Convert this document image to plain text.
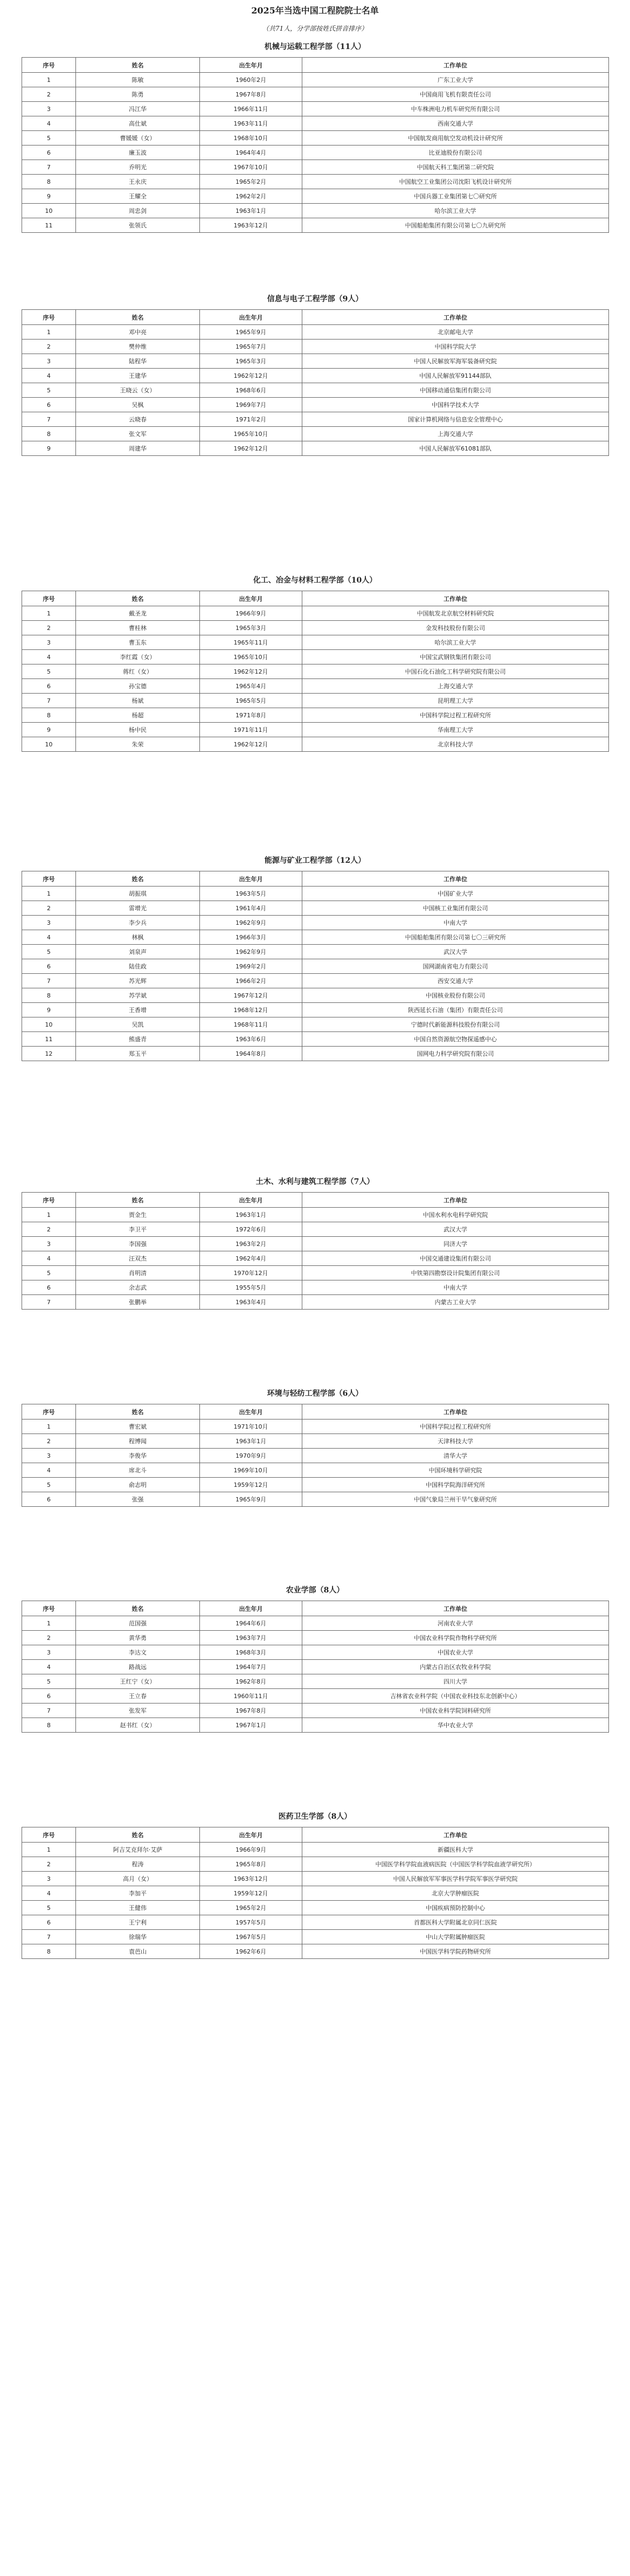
2025年当选中国工程院院士名单
（共71人，分学部按姓氏拼音排序）
机械与运载工程学部（11人）
序号	姓名	出生年月	工作单位
1	陈敏	1960年2月	广东工业大学
2	陈勇	1967年8月	中国商用飞机有限责任公司
3	冯江华	1966年11月	中车株洲电力机车研究所有限公司
4	高仕斌	1963年11月	西南交通大学
5	曹媛媛（女）	1968年10月	中国航发商用航空发动机设计研究所
6	廉玉波	1964年4月	比亚迪股份有限公司
7	乔明光	1967年10月	中国航天科工集团第二研究院
8	王永庆	1965年2月	中国航空工业集团公司沈阳飞机设计研究所
9	王耀全	1962年2月	中国兵器工业集团第七〇研究所
10	周忠剑	1963年1月	哈尔滨工业大学
11	张领氏	1963年12月	中国船舶集团有限公司第七〇九研究所
信息与电子工程学部（9人）
序号	姓名	出生年月	工作单位
1	邓中亮	1965年9月	北京邮电大学
2	樊仲维	1965年7月	中国科学院大学
3	陆程华	1965年3月	中国人民解放军海军装备研究院
4	王建华	1962年12月	中国人民解放军91144部队
5	王晓云（女）	1968年6月	中国移动通信集团有限公司
6	吴枫	1969年7月	中国科学技术大学
7	云晓春	1971年2月	国家计算机网络与信息安全管理中心
8	张文军	1965年10月	上海交通大学
9	周建华	1962年12月	中国人民解放军61081部队
化工、冶金与材料工程学部（10人）
序号	姓名	出生年月	工作单位
1	戴圣龙	1966年9月	中国航发北京航空材料研究院
2	曹桂林	1965年3月	金发科技股份有限公司
3	曹玉东	1965年11月	哈尔滨工业大学
4	李红霞（女）	1965年10月	中国宝武钢铁集团有限公司
5	蒋红（女）	1962年12月	中国石化石油化工科学研究院有限公司
6	孙宝德	1965年4月	上海交通大学
7	杨斌	1965年5月	昆明理工大学
8	杨超	1971年8月	中国科学院过程工程研究所
9	杨中民	1971年11月	华南理工大学
10	朱荣	1962年12月	北京科技大学
能源与矿业工程学部（12人）
序号	姓名	出生年月	工作单位
1	胡振琪	1963年5月	中国矿业大学
2	雷增光	1961年4月	中国核工业集团有限公司
3	李少兵	1962年9月	中南大学
4	林枫	1966年3月	中国船舶集团有限公司第七〇三研究所
5	刘泉声	1962年9月	武汉大学
6	陆佳政	1969年2月	国网湖南省电力有限公司
7	苏光辉	1966年2月	西安交通大学
8	苏学斌	1967年12月	中国核业股份有限公司
9	王香增	1968年12月	陕西延长石油（集团）有限责任公司
10	吴凯	1968年11月	宁德时代新能源科技股份有限公司
11	熊盛青	1963年6月	中国自然资源航空物探遥感中心
12	郑玉平	1964年8月	国网电力科学研究院有限公司
土木、水利与建筑工程学部（7人）
序号	姓名	出生年月	工作单位
1	贾金生	1963年1月	中国水利水电科学研究院
2	李卫平	1972年6月	武汉大学
3	李国强	1963年2月	同济大学
4	汪双杰	1962年4月	中国交通建设集团有限公司
5	肖明清	1970年12月	中铁第四勘察设计院集团有限公司
6	余志武	1955年5月	中南大学
7	张鹏举	1963年4月	内蒙古工业大学
环境与轻纺工程学部（6人）
序号	姓名	出生年月	工作单位
1	曹宏斌	1971年10月	中国科学院过程工程研究所
2	程博闻	1963年1月	天津科技大学
3	李俊华	1970年9月	清华大学
4	席北斗	1969年10月	中国环境科学研究院
5	俞志明	1959年12月	中国科学院海洋研究所
6	张强	1965年9月	中国气象局兰州干旱气象研究所
农业学部（8人）
序号	姓名	出生年月	工作单位
1	范国强	1964年6月	河南农业大学
2	黄华勇	1963年7月	中国农业科学院作物科学研究所
3	李达文	1968年3月	中国农业大学
4	路战远	1964年7月	内蒙古自治区农牧业科学院
5	王红宁（女）	1962年8月	四川大学
6	王立春	1960年11月	吉林省农业科学院（中国农业科技东北创新中心）
7	张发军	1967年8月	中国农业科学院饲料研究所
8	赵书红（女）	1967年1月	华中农业大学
医药卫生学部（8人）
序号	姓名	出生年月	工作单位
1	阿吉艾克拜尔·艾萨	1966年9月	新疆医科大学
2	程涛	1965年8月	中国医学科学院血液病医院（中国医学科学院血液学研究所）
3	高月（女）	1963年12月	中国人民解放军军事医学科学院军事医学研究院
4	李加平	1959年12月	北京大学肿瘤医院
5	王健伟	1965年2月	中国疾病预防控制中心
6	王宁利	1957年5月	首都医科大学附属北京同仁医院
7	徐瑞华	1967年5月	中山大学附属肿瘤医院
8	袁芭山	1962年6月	中国医学科学院药物研究所
